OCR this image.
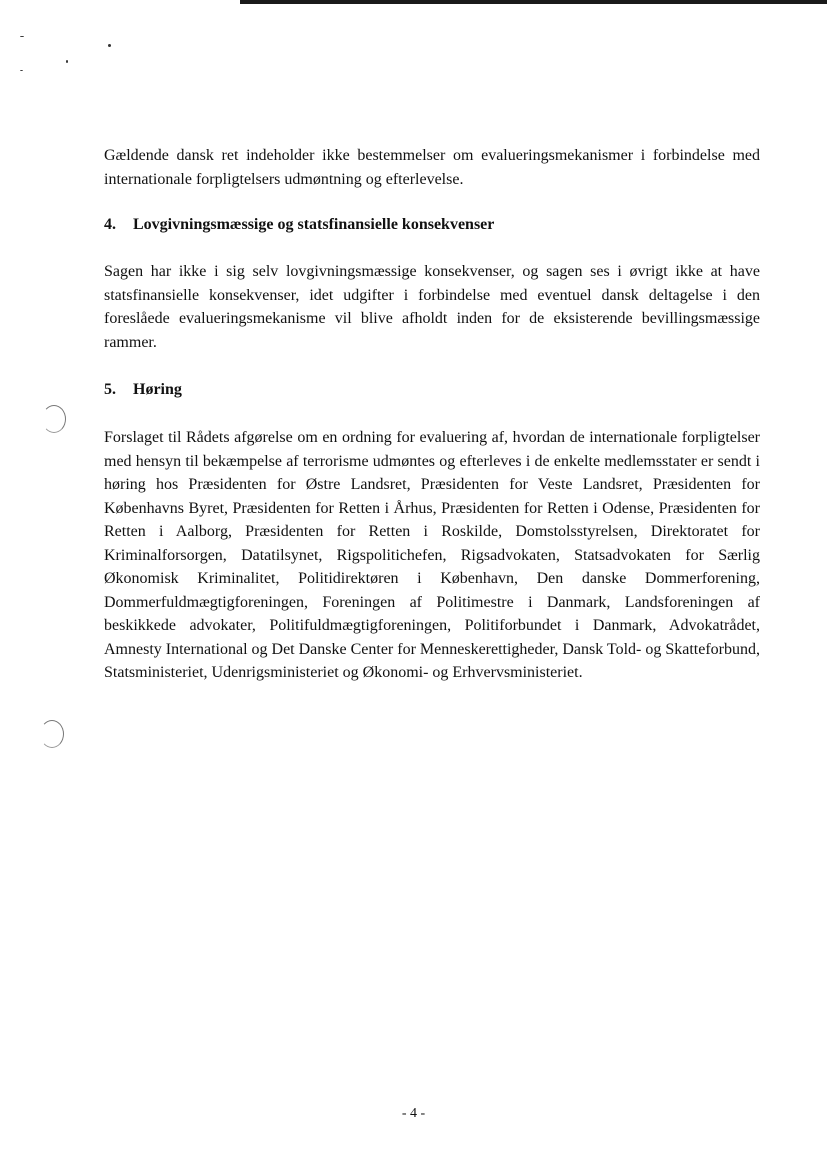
Gældende dansk ret indeholder ikke bestemmelser om evalueringsmekanismer i forbindelse med internationale forpligtelsers udmøntning og efterlevelse.

4. Lovgivningsmæssige og statsfinansielle konsekvenser

Sagen har ikke i sig selv lovgivningsmæssige konsekvenser, og sagen ses i øvrigt ikke at have statsfinansielle konsekvenser, idet udgifter i forbindelse med eventuel dansk deltagelse i den foreslåede evalueringsmekanisme vil blive afholdt inden for de eksisterende bevillingsmæssige rammer.

5. Høring

Forslaget til Rådets afgørelse om en ordning for evaluering af, hvordan de internationale forpligtelser med hensyn til bekæmpelse af terrorisme udmøntes og efterleves i de enkelte medlemsstater er sendt i høring hos Præsidenten for Østre Landsret, Præsidenten for Veste Landsret, Præsidenten for Københavns Byret, Præsidenten for Retten i Århus, Præsidenten for Retten i Odense, Præsidenten for Retten i Aalborg, Præsidenten for Retten i Roskilde, Domstolsstyrelsen, Direktoratet for Kriminalforsorgen, Datatilsynet, Rigspolitichefen, Rigsadvokaten, Statsadvokaten for Særlig Økonomisk Kriminalitet, Politidirektøren i København, Den danske Dommerforening, Dommerfuldmægtigforeningen, Foreningen af Politimestre i Danmark, Landsforeningen af beskikkede advokater, Politifuldmægtigforeningen, Politiforbundet i Danmark, Advokatrådet, Amnesty International og Det Danske Center for Menneskerettigheder, Dansk Told- og Skatteforbund, Statsministeriet, Udenrigsministeriet og Økonomi- og Erhvervsministeriet.

- 4 -
